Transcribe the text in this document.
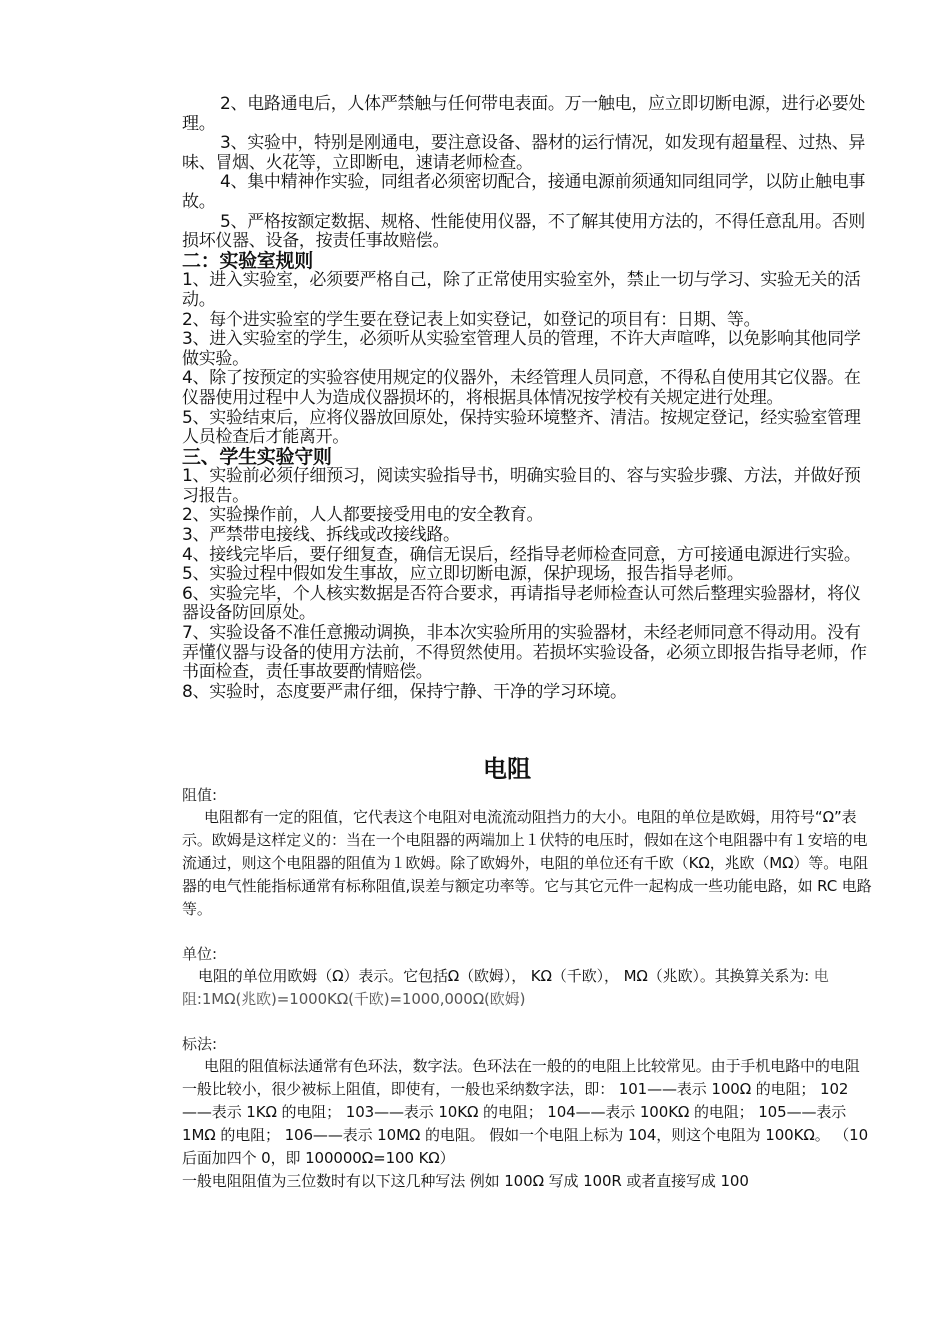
2、电路通电后，人体严禁触与任何带电表面。万一触电，应立即切断电源，进行必要处理。

3、实验中，特别是刚通电，要注意设备、器材的运行情况，如发现有超量程、过热、异味、冒烟、火花等，立即断电，速请老师检查。

4、集中精神作实验，同组者必须密切配合，接通电源前须通知同组同学，以防止触电事故。

5、严格按额定数据、规格、性能使用仪器，不了解其使用方法的，不得任意乱用。否则损坏仪器、设备，按责任事故赔偿。

二：实验室规则

1、进入实验室，必须要严格自己，除了正常使用实验室外，禁止一切与学习、实验无关的活动。

2、每个进实验室的学生要在登记表上如实登记，如登记的项目有：日期、等。

3、进入实验室的学生，必须听从实验室管理人员的管理，不许大声喧哗，以免影响其他同学做实验。

4、除了按预定的实验容使用规定的仪器外，未经管理人员同意，不得私自使用其它仪器。在仪器使用过程中人为造成仪器损坏的，将根据具体情况按学校有关规定进行处理。

5、实验结束后，应将仪器放回原处，保持实验环境整齐、清洁。按规定登记，经实验室管理人员检查后才能离开。

三、学生实验守则

1、实验前必须仔细预习，阅读实验指导书，明确实验目的、容与实验步骤、方法，并做好预习报告。

2、实验操作前，人人都要接受用电的安全教育。

3、严禁带电接线、拆线或改接线路。

4、接线完毕后，要仔细复查，确信无误后，经指导老师检查同意，方可接通电源进行实验。

5、实验过程中假如发生事故，应立即切断电源，保护现场，报告指导老师。

6、实验完毕，个人核实数据是否符合要求，再请指导老师检查认可然后整理实验器材，将仪器设备防回原处。

7、实验设备不准任意搬动调换，非本次实验所用的实验器材，未经老师同意不得动用。没有弄懂仪器与设备的使用方法前，不得贸然使用。若损坏实验设备，必须立即报告指导老师，作书面检查，责任事故要酌情赔偿。

8、实验时，态度要严肃仔细，保持宁静、干净的学习环境。

电阻

阻值:

电阻都有一定的阻值，它代表这个电阻对电流流动阻挡力的大小。电阻的单位是欧姆，用符号“Ω”表示。欧姆是这样定义的：当在一个电阻器的两端加上１伏特的电压时，假如在这个电阻器中有１安培的电流通过，则这个电阻器的阻值为１欧姆。除了欧姆外，电阻的单位还有千欧（KΩ，兆欧（MΩ）等。电阻器的电气性能指标通常有标称阻值,误差与额定功率等。它与其它元件一起构成一些功能电路，如 RC 电路等。

单位:

电阻的单位用欧姆（Ω）表示。它包括Ω（欧姆）， KΩ（千欧）， MΩ（兆欧）。其换算关系为: 电阻:1MΩ(兆欧)=1000KΩ(千欧)=1000,000Ω(欧姆)

标法:

电阻的阻值标法通常有色环法，数字法。色环法在一般的的电阻上比较常见。由于手机电路中的电阻一般比较小，很少被标上阻值，即使有，一般也采纳数字法，即： 101——表示 100Ω 的电阻； 102——表示 1KΩ 的电阻； 103——表示 10KΩ 的电阻； 104——表示 100KΩ 的电阻； 105——表示 1MΩ 的电阻； 106——表示 10MΩ 的电阻。 假如一个电阻上标为 104，则这个电阻为 100KΩ。 （10 后面加四个 0，即 100000Ω=100 KΩ）

一般电阻阻值为三位数时有以下这几种写法 例如 100Ω 写成 100R 或者直接写成 100
